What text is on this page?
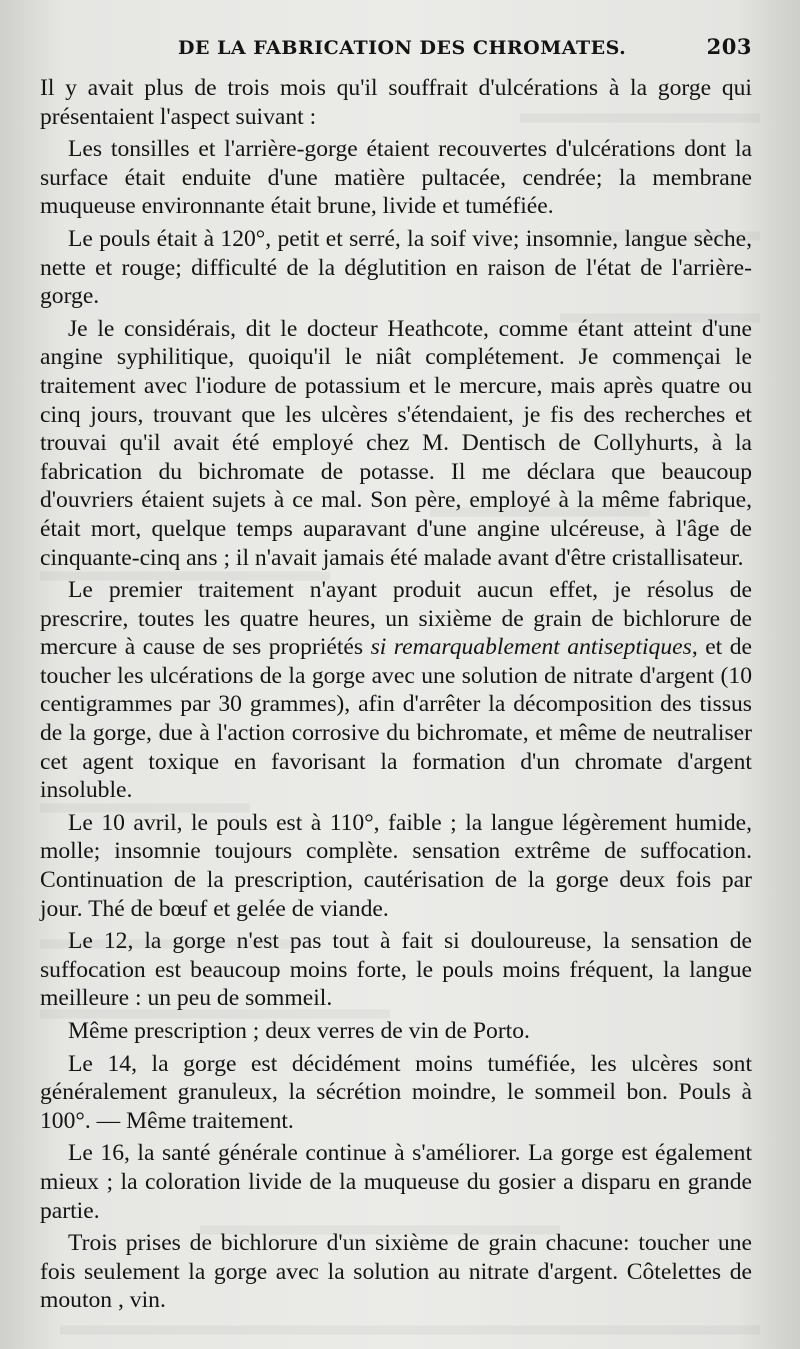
DE LA FABRICATION DES CHROMATES.	203

Il y avait plus de trois mois qu'il souffrait d'ulcérations à la gorge qui présentaient l'aspect suivant :

Les tonsilles et l'arrière-gorge étaient recouvertes d'ulcérations dont la surface était enduite d'une matière pultacée, cendrée; la membrane muqueuse environnante était brune, livide et tuméfiée.

Le pouls était à 120°, petit et serré, la soif vive; insomnie, langue sèche, nette et rouge; difficulté de la déglutition en raison de l'état de l'arrière-gorge.

Je le considérais, dit le docteur Heathcote, comme étant atteint d'une angine syphilitique, quoiqu'il le niât complétement. Je commençai le traitement avec l'iodure de potassium et le mercure, mais après quatre ou cinq jours, trouvant que les ulcères s'étendaient, je fis des recherches et trouvai qu'il avait été employé chez M. Dentisch de Collyhurts, à la fabrication du bichromate de potasse. Il me déclara que beaucoup d'ouvriers étaient sujets à ce mal. Son père, employé à la même fabrique, était mort, quelque temps auparavant d'une angine ulcéreuse, à l'âge de cinquante-cinq ans ; il n'avait jamais été malade avant d'être cristallisateur.

Le premier traitement n'ayant produit aucun effet, je résolus de prescrire, toutes les quatre heures, un sixième de grain de bichlorure de mercure à cause de ses propriétés si remarquablement antiseptiques, et de toucher les ulcérations de la gorge avec une solution de nitrate d'argent (10 centigrammes par 30 grammes), afin d'arrêter la décomposition des tissus de la gorge, due à l'action corrosive du bichromate, et même de neutraliser cet agent toxique en favorisant la formation d'un chromate d'argent insoluble.

Le 10 avril, le pouls est à 110°, faible ; la langue légèrement humide, molle; insomnie toujours complète. sensation extrême de suffocation. Continuation de la prescription, cautérisation de la gorge deux fois par jour. Thé de bœuf et gelée de viande.

Le 12, la gorge n'est pas tout à fait si douloureuse, la sensation de suffocation est beaucoup moins forte, le pouls moins fréquent, la langue meilleure : un peu de sommeil.

Même prescription ; deux verres de vin de Porto.

Le 14, la gorge est décidément moins tuméfiée, les ulcères sont généralement granuleux, la sécrétion moindre, le sommeil bon. Pouls à 100°. — Même traitement.

Le 16, la santé générale continue à s'améliorer. La gorge est également mieux ; la coloration livide de la muqueuse du gosier a disparu en grande partie.

Trois prises de bichlorure d'un sixième de grain chacune: toucher une fois seulement la gorge avec la solution au nitrate d'argent. Côtelettes de mouton , vin.
